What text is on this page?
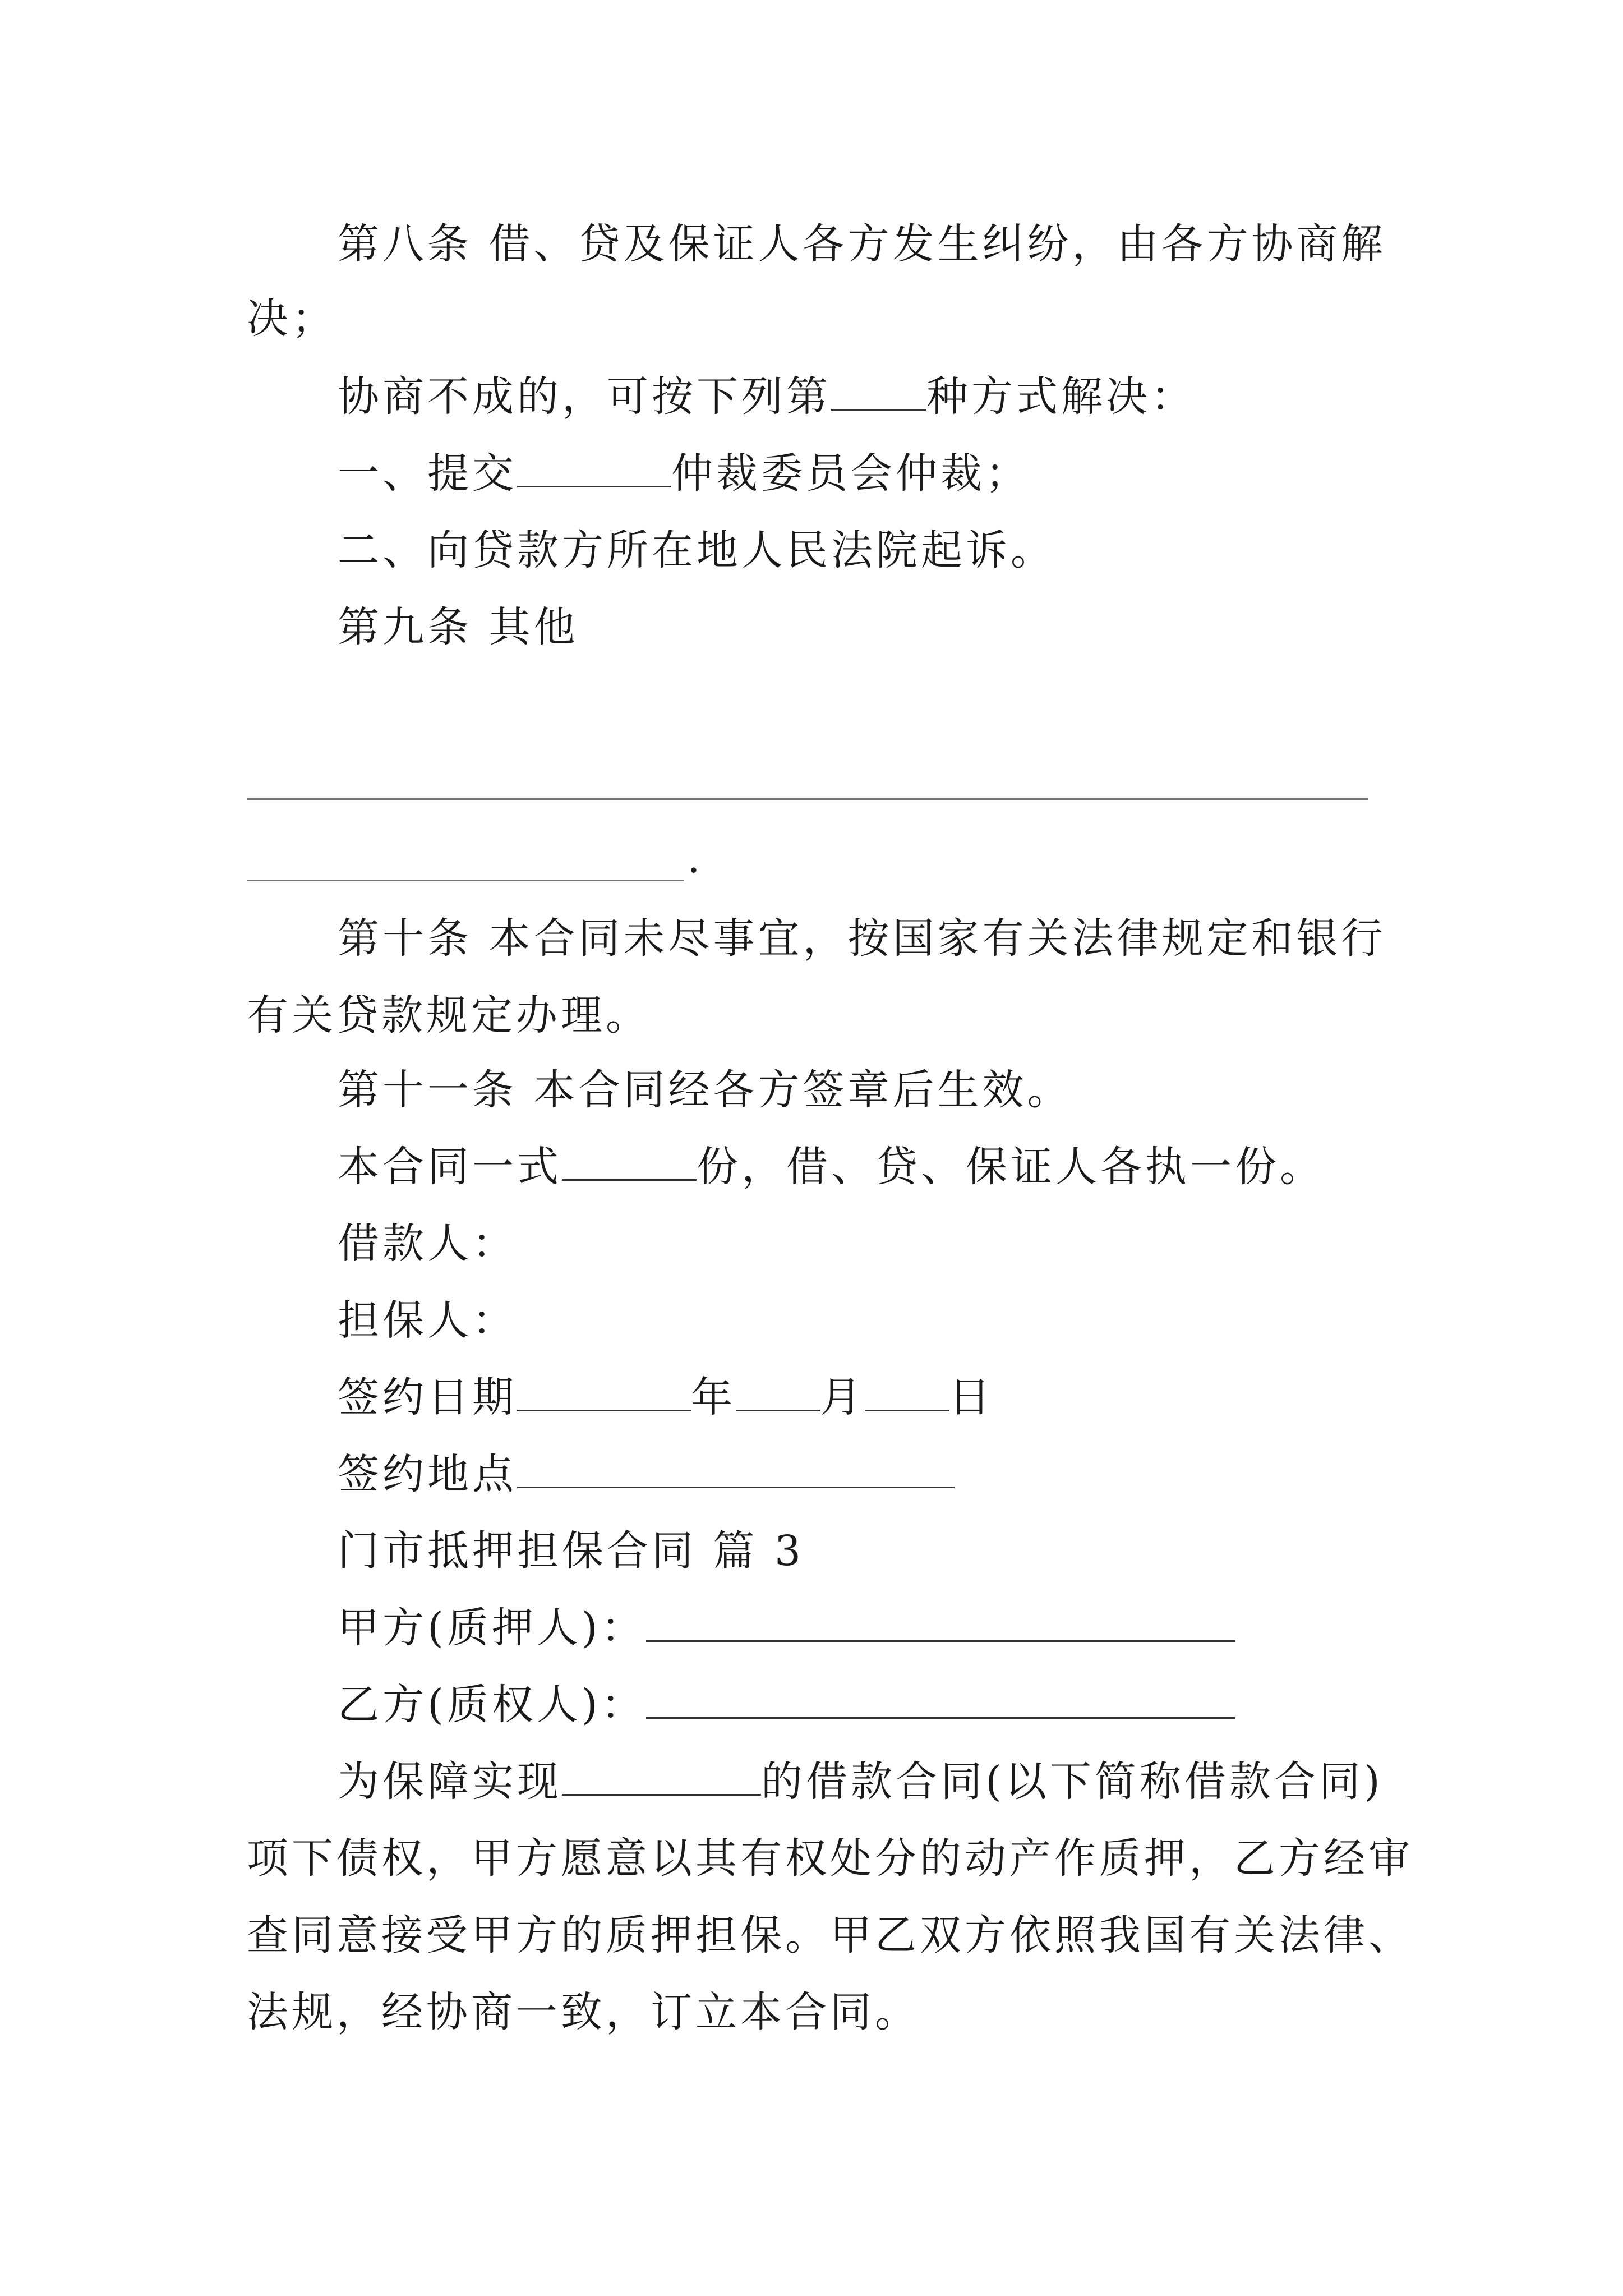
第八条 借、贷及保证人各方发生纠纷，由各方协商解
决；
协商不成的，可按下列第 种方式解决：
一、提交	仲裁委员会仲裁；
二、向贷款方所在地人民法院起诉。
第九条 其他
.
第十条 本合同未尽事宜，按国家有关法律规定和银行
有关贷款规定办理。
第十一条 本合同经各方签章后生效。
本合同一式	份，借、贷、保证人各执一份。
借款人：
担保人：
签约日期	年 月 日
签约地点
门市抵押担保合同 篇 3
甲方(质押人)：
乙方(质权人)：
为保障实现	的借款合同(以下简称借款合同)
项下债权，甲方愿意以其有权处分的动产作质押，乙方经审
查同意接受甲方的质押担保。甲乙双方依照我国有关法律、
法规，经协商一致，订立本合同。
